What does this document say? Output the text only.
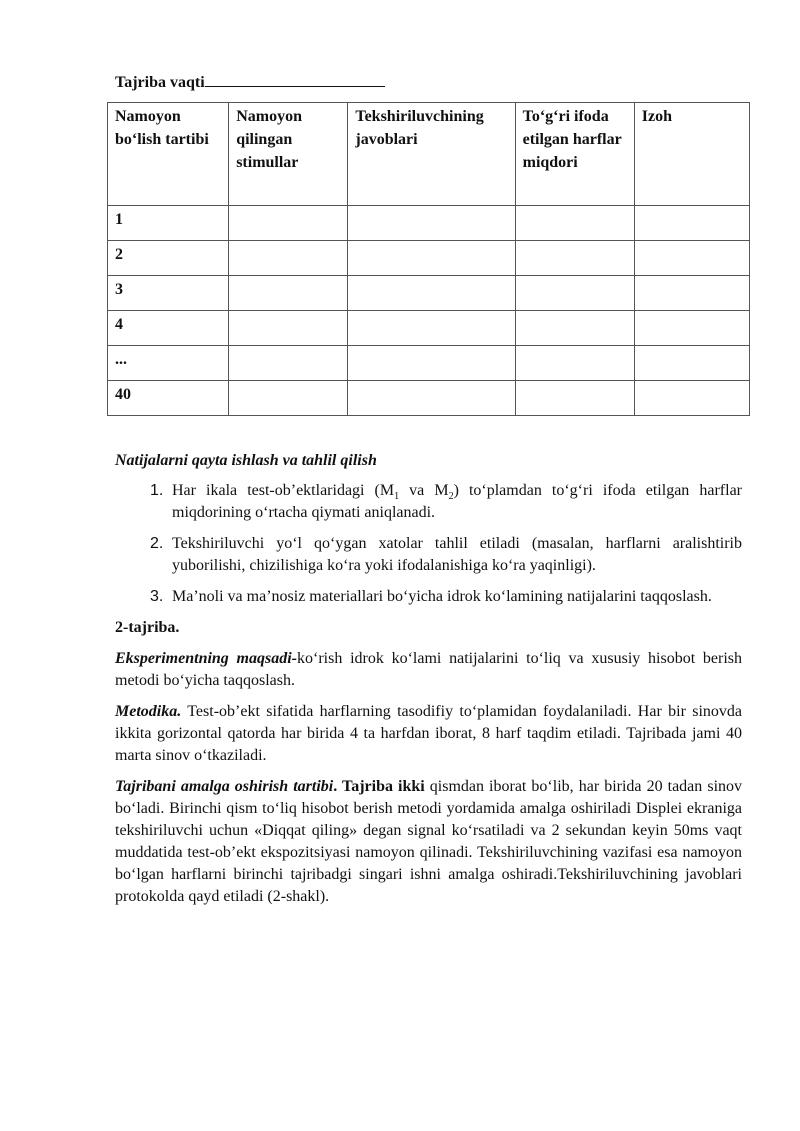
Tajriba vaqti
Namoyon bo‘lish tartibi	Namoyon qilingan stimullar	Tekshiriluvchining javoblari	To‘g‘ri ifoda etilgan harflar miqdori	Izoh
1				
2				
3				
4				
...				
40				
Natijalarni qayta ishlash va tahlil qilish
1. Har ikala test-ob’ektlaridagi ($M_1$ va $M_2$) to‘plamdan to‘g‘ri ifoda etilgan harflar miqdorining o‘rtacha qiymati aniqlanadi.
2. Tekshiriluvchi yo‘l qo‘ygan xatolar tahlil etiladi (masalan, harflarni aralishtirib yuborilishi, chizilishiga ko‘ra yoki ifodalanishiga ko‘ra yaqinligi).
3. Ma’noli va ma’nosiz materiallari bo‘yicha idrok ko‘lamining natijalarini taqqoslash.

2-tajriba.

Eksperimentning maqsadi-ko‘rish idrok ko‘lami natijalarini to‘liq va xususiy hisobot berish metodi bo‘yicha taqqoslash.

Metodika. Test-ob’ekt sifatida harflarning tasodifiy to‘plamidan foydalaniladi. Har bir sinovda ikkita gorizontal qatorda har birida 4 ta harfdan iborat, 8 harf taqdim etiladi. Tajribada jami 40 marta sinov o‘tkaziladi.

Tajribani amalga oshirish tartibi. Tajriba ikki qismdan iborat bo‘lib, har birida 20 tadan sinov bo‘ladi. Birinchi qism to‘liq hisobot berish metodi yordamida amalga oshiriladi Displei ekraniga tekshiriluvchi uchun «Diqqat qiling» degan signal ko‘rsatiladi va 2 sekundan keyin 50ms vaqt muddatida test-ob’ekt ekspozitsiyasi namoyon qilinadi. Tekshiriluvchining vazifasi esa namoyon bo‘lgan harflarni birinchi tajribadgi singari ishni amalga oshiradi.Tekshiriluvchining javoblari protokolda qayd etiladi (2-shakl).
